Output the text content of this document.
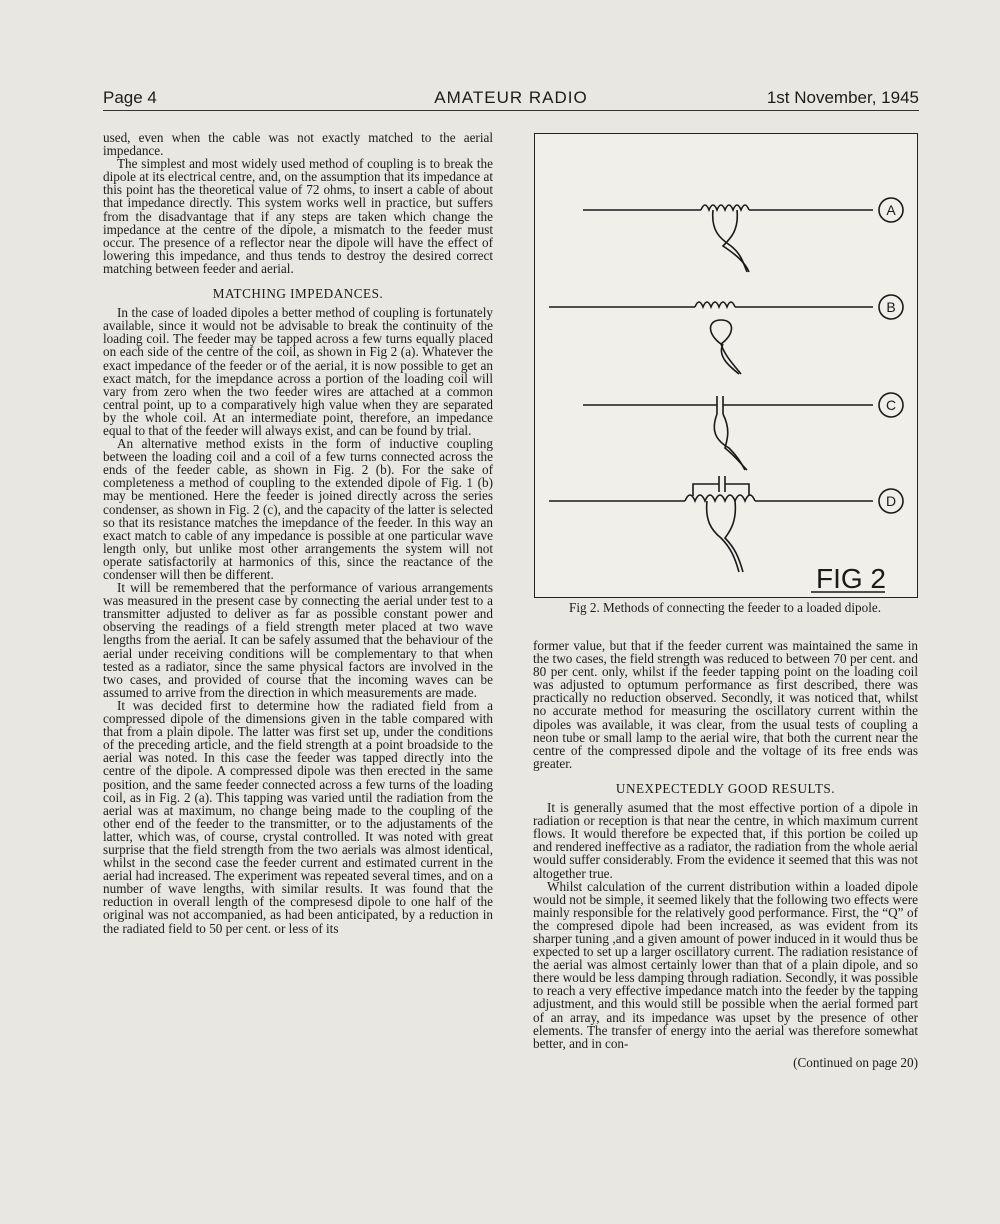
Page 4	AMATEUR RADIO	1st November, 1945

used, even when the cable was not exactly matched to the aerial impedance.

The simplest and most widely used method of coupling is to break the dipole at its electrical centre, and, on the assumption that its impedance at this point has the theoretical value of 72 ohms, to insert a cable of about that impedance directly. This system works well in practice, but suffers from the disadvantage that if any steps are taken which change the impedance at the centre of the dipole, a mismatch to the feeder must occur. The presence of a reflector near the dipole will have the effect of lowering this impedance, and thus tends to destroy the desired correct matching between feeder and aerial.

MATCHING IMPEDANCES.

In the case of loaded dipoles a better method of coupling is fortunately available, since it would not be advisable to break the continuity of the loading coil. The feeder may be tapped across a few turns equally placed on each side of the centre of the coil, as shown in Fig 2 (a). Whatever the exact impedance of the feeder or of the aerial, it is now possible to get an exact match, for the imepdance across a portion of the loading coil will vary from zero when the two feeder wires are attached at a common central point, up to a comparatively high value when they are separated by the whole coil. At an intermediate point, therefore, an impedance equal to that of the feeder will always exist, and can be found by trial.

An alternative method exists in the form of inductive coupling between the loading coil and a coil of a few turns connected across the ends of the feeder cable, as shown in Fig. 2 (b). For the sake of completeness a method of coupling to the extended dipole of Fig. 1 (b) may be mentioned. Here the feeder is joined directly across the series condenser, as shown in Fig. 2 (c), and the capacity of the latter is selected so that its resistance matches the imepdance of the feeder. In this way an exact match to cable of any impedance is possible at one particular wave length only, but unlike most other arrangements the system will not operate satisfactorily at harmonics of this, since the reactance of the condenser will then be different.

It will be remembered that the performance of various arrangements was measured in the present case by connecting the aerial under test to a transmitter adjusted to deliver as far as possible constant power and observing the readings of a field strength meter placed at two wave lengths from the aerial. It can be safely assumed that the behaviour of the aerial under receiving conditions will be complementary to that when tested as a radiator, since the same physical factors are involved in the two cases, and provided of course that the incoming waves can be assumed to arrive from the direction in which measurements are made.

It was decided first to determine how the radiated field from a compressed dipole of the dimensions given in the table compared with that from a plain dipole. The latter was first set up, under the conditions of the preceding article, and the field strength at a point broadside to the aerial was noted. In this case the feeder was tapped directly into the centre of the dipole. A compressed dipole was then erected in the same position, and the same feeder connected across a few turns of the loading coil, as in Fig. 2 (a). This tapping was varied until the radiation from the aerial was at maximum, no change being made to the coupling of the other end of the feeder to the transmitter, or to the adjustaments of the latter, which was, of course, crystal controlled. It was noted with great surprise that the field strength from the two aerials was almost identical, whilst in the second case the feeder current and estimated current in the aerial had increased. The experiment was repeated several times, and on a number of wave lengths, with similar results. It was found that the reduction in overall length of the compresesd dipole to one half of the original was not accompanied, as had been anticipated, by a reduction in the radiated field to 50 per cent. or less of its

A
B
C
D
FIG 2
Fig 2. Methods of connecting the feeder to a loaded dipole.

former value, but that if the feeder current was maintained the same in the two cases, the field strength was reduced to between 70 per cent. and 80 per cent. only, whilst if the feeder tapping point on the loading coil was adjusted to optumum performance as first described, there was practically no reduction observed. Secondly, it was noticed that, whilst no accurate method for measuring the oscillatory current within the dipoles was available, it was clear, from the usual tests of coupling a neon tube or small lamp to the aerial wire, that both the current near the centre of the compressed dipole and the voltage of its free ends was greater.

UNEXPECTEDLY GOOD RESULTS.

It is generally asumed that the most effective portion of a dipole in radiation or reception is that near the centre, in which maximum current flows. It would therefore be expected that, if this portion be coiled up and rendered ineffective as a radiator, the radiation from the whole aerial would suffer considerably. From the evidence it seemed that this was not altogether true.

Whilst calculation of the current distribution within a loaded dipole would not be simple, it seemed likely that the following two effects were mainly responsible for the relatively good performance. First, the “Q” of the compresed dipole had been increased, as was evident from its sharper tuning ,and a given amount of power induced in it would thus be expected to set up a larger oscillatory current. The radiation resistance of the aerial was almost certainly lower than that of a plain dipole, and so there would be less damping through radiation. Secondly, it was possible to reach a very effective impedance match into the feeder by the tapping adjustment, and this would still be possible when the aerial formed part of an array, and its impedance was upset by the presence of other elements. The transfer of energy into the aerial was therefore somewhat better, and in con-

(Continued on page 20)
